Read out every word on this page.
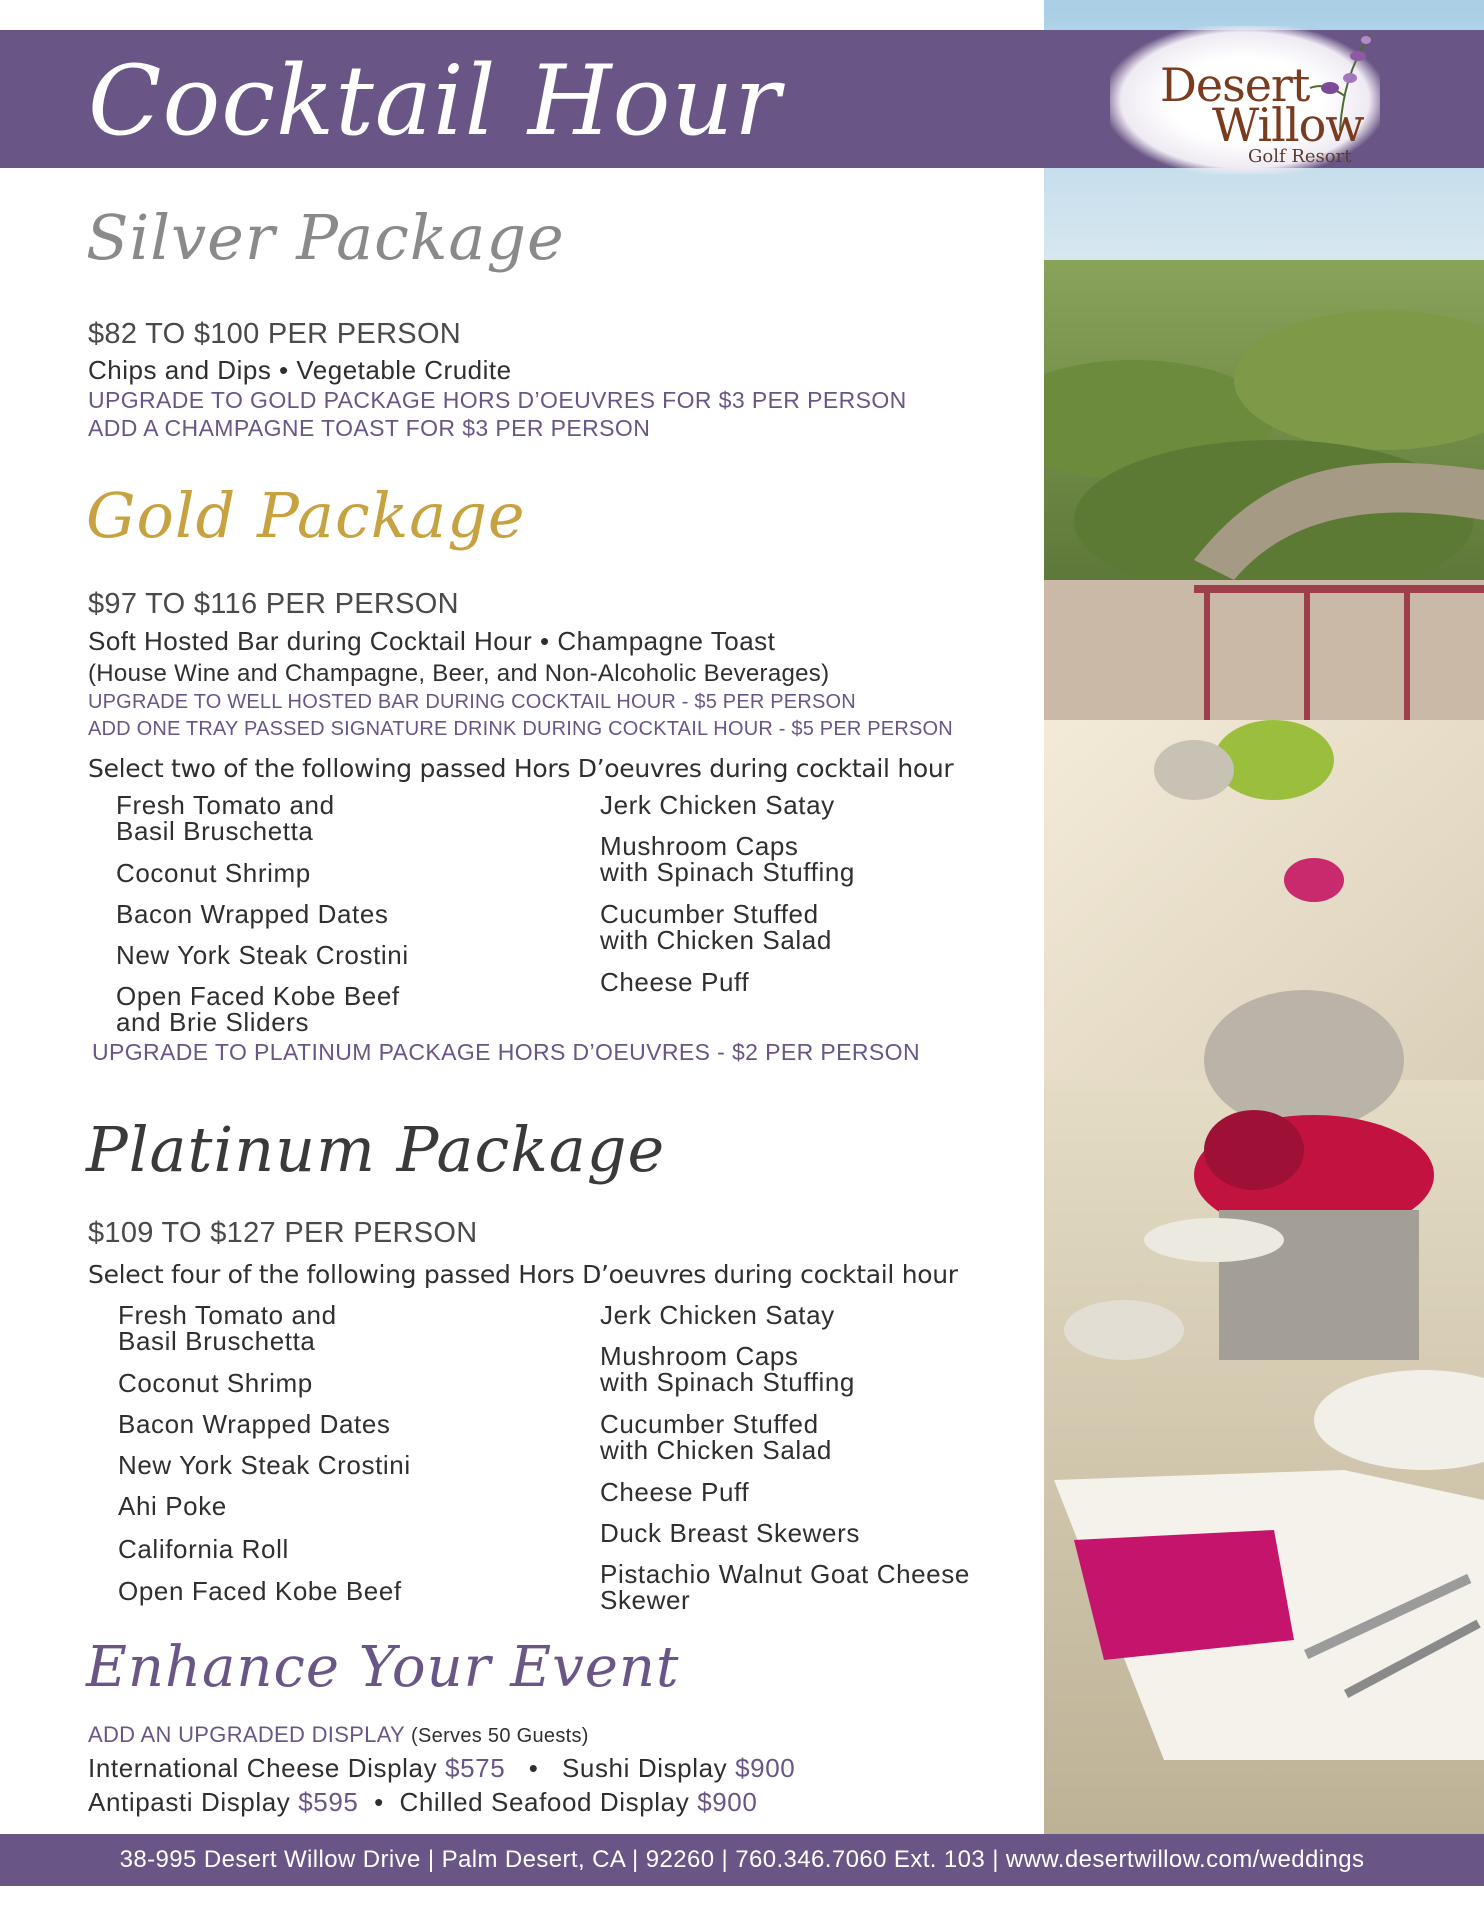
Cocktail Hour	Desert
Willow
Golf Resort
Silver Package
$82 TO $100 PER PERSON
Chips and Dips • Vegetable Crudite
UPGRADE TO GOLD PACKAGE HORS D’OEUVRES FOR $3 PER PERSON
ADD A CHAMPAGNE TOAST FOR $3 PER PERSON
Gold Package
$97 TO $116 PER PERSON
Soft Hosted Bar during Cocktail Hour • Champagne Toast
(House Wine and Champagne, Beer, and Non-Alcoholic Beverages)
UPGRADE TO WELL HOSTED BAR DURING COCKTAIL HOUR - $5 PER PERSON
ADD ONE TRAY PASSED SIGNATURE DRINK DURING COCKTAIL HOUR - $5 PER PERSON
Select two of the following passed Hors D’oeuvres during cocktail hour
Fresh Tomato and
Basil Bruschetta
Coconut Shrimp
Bacon Wrapped Dates
New York Steak Crostini
Open Faced Kobe Beef
and Brie Sliders
Jerk Chicken Satay
Mushroom Caps
with Spinach Stuffing
Cucumber Stuffed
with Chicken Salad
Cheese Puff
UPGRADE TO PLATINUM PACKAGE HORS D’OEUVRES - $2 PER PERSON
Platinum Package
$109 TO $127 PER PERSON
Select four of the following passed Hors D’oeuvres during cocktail hour
Fresh Tomato and
Basil Bruschetta
Coconut Shrimp
Bacon Wrapped Dates
New York Steak Crostini
Ahi Poke
California Roll
Open Faced Kobe Beef
Jerk Chicken Satay
Mushroom Caps
with Spinach Stuffing
Cucumber Stuffed
with Chicken Salad
Cheese Puff
Duck Breast Skewers
Pistachio Walnut Goat Cheese
Skewer
Enhance Your Event
ADD AN UPGRADED DISPLAY (Serves 50 Guests)
International Cheese Display $575   •   Sushi Display $900
Antipasti Display $595  •  Chilled Seafood Display $900
38-995 Desert Willow Drive | Palm Desert, CA | 92260 | 760.346.7060 Ext. 103 | www.desertwillow.com/weddings
